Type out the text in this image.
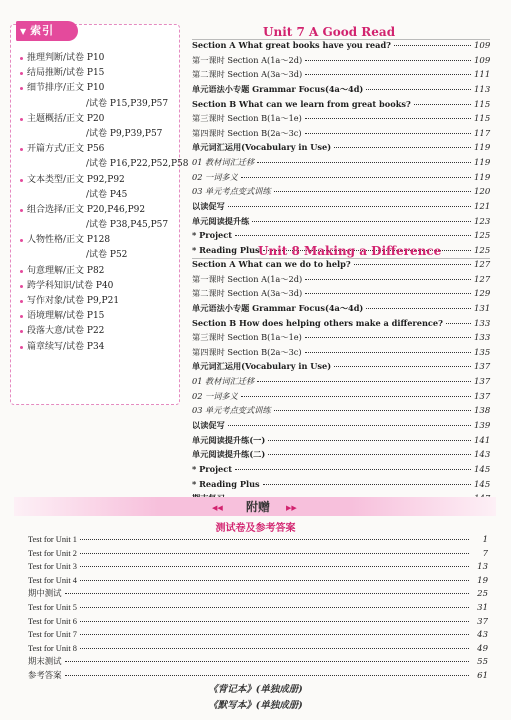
推理判断/试卷 P10
结局推断/试卷 P15
细节排序/正文 P10
/试卷 P15,P39,P57
主题概括/正文 P20
/试卷 P9,P39,P57
开篇方式/正文 P56
/试卷 P16,P22,P52,P58
文本类型/正文 P92,P92
/试卷 P45
组合选择/正文 P20,P46,P92
/试卷 P38,P45,P57
人物性格/正文 P128
/试卷 P52
句意理解/正文 P82
跨学科知识/试卷 P40
写作对象/试卷 P9,P21
语境理解/试卷 P15
段落大意/试卷 P22
篇章续写/试卷 P34
▼ 索引	Unit 7 A Good Read
Section A What great books have you read?	109
第一课时 Section A(1a～2d)	109
第二课时 Section A(3a～3d)	111
单元语法小专题 Grammar Focus(4a～4d)	113
Section B What can we learn from great books?	115
第三课时 Section B(1a～1e)	115
第四课时 Section B(2a～3c)	117
单元词汇运用(Vocabulary in Use)	119
01 教材词汇迁移	119
02 一词多义	119
03 单元考点变式训练	120
以读促写	121
单元阅读提升练	123
* Project	125
* Reading Plus	125
Unit 8 Making a Difference
Section A What can we do to help?	127
第一课时 Section A(1a～2d)	127
第二课时 Section A(3a～3d)	129
单元语法小专题 Grammar Focus(4a～4d)	131
Section B How does helping others make a difference?	133
第三课时 Section B(1a～1e)	133
第四课时 Section B(2a～3c)	135
单元词汇运用(Vocabulary in Use)	137
01 教材词汇迁移	137
02 一词多义	137
03 单元考点变式训练	138
以读促写	139
单元阅读提升练(一)	141
单元阅读提升练(二)	143
* Project	145
* Reading Plus	145
◀◀	▶▶
附赠
测试卷及参考答案
Test for Unit 1	1
Test for Unit 2	7
Test for Unit 3	13
Test for Unit 4	19
期中测试	25
Test for Unit 5	31
Test for Unit 6	37
Test for Unit 7	43
Test for Unit 8	49
期末测试	55
参考答案	61
《背记本》(单独成册)
《默写本》(单独成册)
